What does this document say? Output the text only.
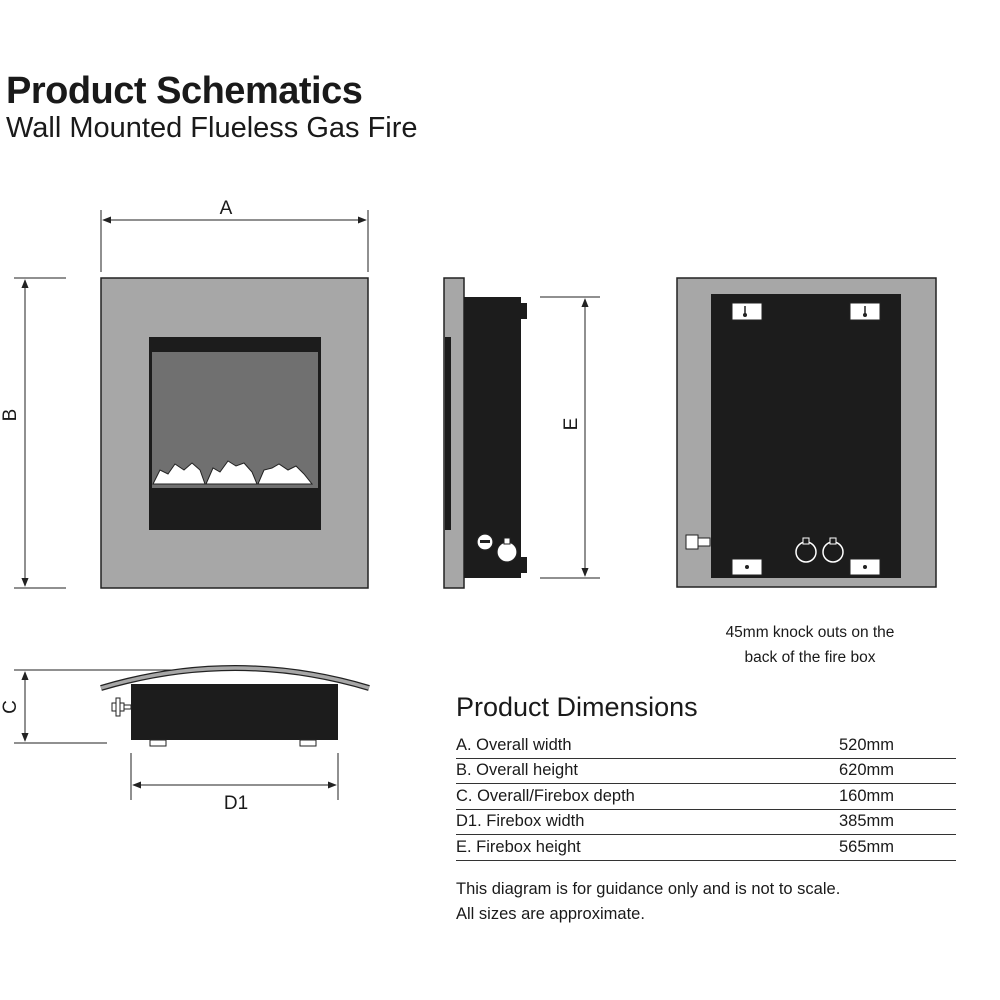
Product Schematics
Wall Mounted Flueless Gas Fire
A
B
E
C
D1
45mm knock outs on the
back of the fire box
Product Dimensions
A. Overall width	520mm
B. Overall height	620mm
C. Overall/Firebox depth	160mm
D1. Firebox width	385mm
E. Firebox height	565mm
This diagram is for guidance only and is not to scale.
All sizes are approximate.
